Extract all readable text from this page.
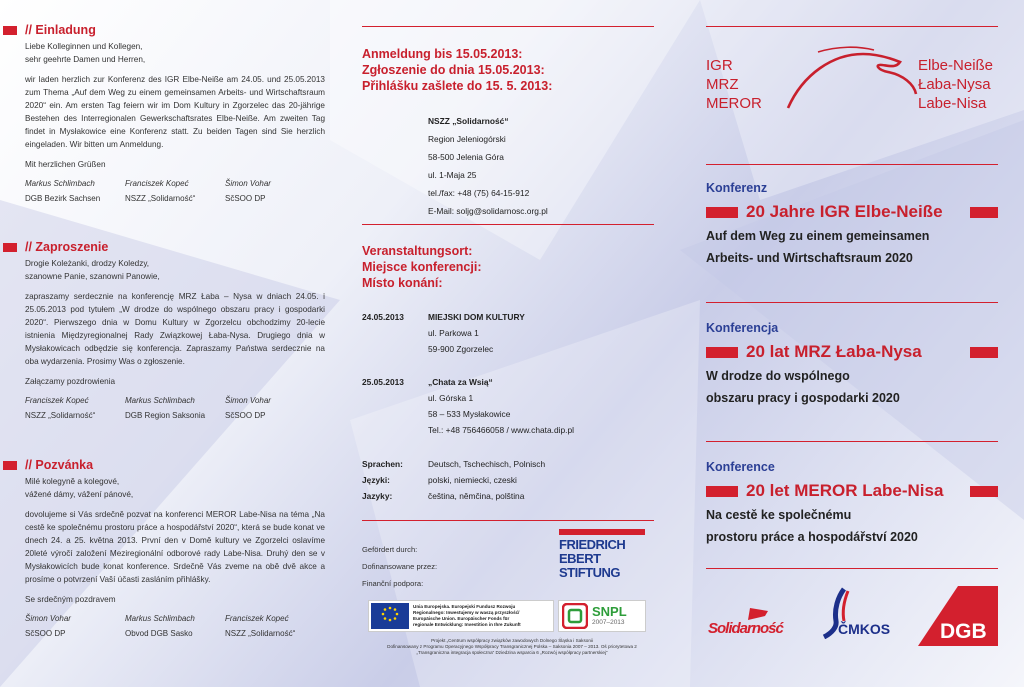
// Einladung
Liebe Kolleginnen und Kollegen,
sehr geehrte Damen und Herren,
wir laden herzlich zur Konferenz des IGR Elbe-Neiße am 24.05. und 25.05.2013 zum Thema „Auf dem Weg zu einem gemeinsamen Arbeits- und Wirtschaftsraum 2020“ ein. Am ersten Tag feiern wir im Dom Kultury in Zgorzelec das 20-jährige Bestehen des Interregionalen Gewerkschaftsrates Elbe-Neiße. Am zweiten Tag findet in Mysłakowice eine Konferenz statt. Zu beiden Tagen sind Sie herzlich eingeladen. Wir bitten um Anmeldung.
Mit herzlichen Grüßen
Markus Schlimbach	Franciszek Kopeć	Šimon Vohar
DGB Bezirk Sachsen	NSZZ „Solidarność“	SčSOO DP
// Zaproszenie
Drogie Koleżanki, drodzy Koledzy,
szanowne Panie, szanowni Panowie,
zapraszamy serdecznie na konferencję MRZ Łaba – Nysa w dniach 24.05. i 25.05.2013 pod tytułem „W drodze do wspólnego obszaru pracy i gospodarki 2020“. Pierwszego dnia w Domu Kultury w Zgorzelcu obchodzimy 20-lecie istnienia Międzyregionalnej Rady Związkowej Łaba-Nysa. Drugiego dnia w Mysłakowicach odbędzie się konferencja. Zapraszamy Państwa serdecznie na oba wydarzenia. Prosimy Was o zgłoszenie.
Załączamy pozdrowienia
Franciszek Kopeć	Markus Schlimbach	Šimon Vohar
NSZZ „Solidarność“	DGB Region Saksonia	SčSOO DP
// Pozvánka
Milé kolegyně a kolegové,
vážené dámy, vážení pánové,
dovolujeme si Vás srdečně pozvat na konferenci MEROR Labe-Nisa na téma „Na cestě ke společnému prostoru práce a hospodářství 2020“, která se bude konat ve dnech 24. a 25. května 2013. První den v Domě kultury ve Zgorzelci oslavíme 20leté výročí založení Meziregionální odborové rady Labe-Nisa. Druhý den se v Mysłakowicích bude konat konference. Srdečně Vás zveme na obě dvě akce a prosíme o potvrzení Vaší účasti zasláním přihlášky.
Se srdečným pozdravem
Šimon Vohar	Markus Schlimbach	Franciszek Kopeć
SčSOO DP	Obvod DGB Sasko	NSZZ „Solidarność“
Anmeldung bis 15.05.2013:
Zgłoszenie do dnia 15.05.2013:
Přihlášku zašlete do 15. 5. 2013:
NSZZ „Solidarność“
Region Jeleniogórski
58-500 Jelenia Góra
ul. 1-Maja 25
tel./fax: +48 (75) 64-15-912
E-Mail: soljg@solidarnosc.org.pl
Veranstaltungsort:
Miejsce konferencji:
Místo konání:
24.05.2013	MIEJSKI DOM KULTURY
ul. Parkowa 1
59-900 Zgorzelec
25.05.2013	„Chata za Wsią“
ul. Górska 1
58 – 533 Mysłakowice
Tel.: +48 756466058 / www.chata.dip.pl
Sprachen:	Deutsch, Tschechisch, Polnisch
Języki:	polski, niemiecki, czeski
Jazyky:	čeština, němčina, polština
Gefördert durch:
Dofinansowane przez:
Finanční podpora:
FRIEDRICH
EBERT
STIFTUNG
Unia Europejska. Europejski Fundusz Rozwoju
Regionalnego: Inwestujemy w waszą przyszłość/
Europäische Union. Europäischer Fonds für
regionale Entwicklung: Investition in Ihre Zukunft
SNPL
2007–2013
Projekt „Centrum współpracy związków zawodowych Dolnego Śląska i Saksonii
Dofinansowany z Programu Operacyjnego Współpracy Transgranicznej Polska – Saksonia 2007 – 2013. Oś priorytetowa 2
„Transgraniczna integracja społeczna“ Dziedzina wsparcia 6 „Rozwój współpracy partnerskiej“
IGR
MRZ
MEROR
Elbe-Neiße
Łaba-Nysa
Labe-Nisa
Konferenz
20 Jahre IGR Elbe-Neiße
Auf dem Weg zu einem gemeinsamen
Arbeits- und Wirtschaftsraum 2020
Konferencja
20 lat MRZ Łaba-Nysa
W drodze do wspólnego
obszaru pracy i gospodarki 2020
Konference
20 let MEROR Labe-Nisa
Na cestě ke společnému
prostoru práce a hospodářství 2020
Solidarność	ČMKOS DGB
